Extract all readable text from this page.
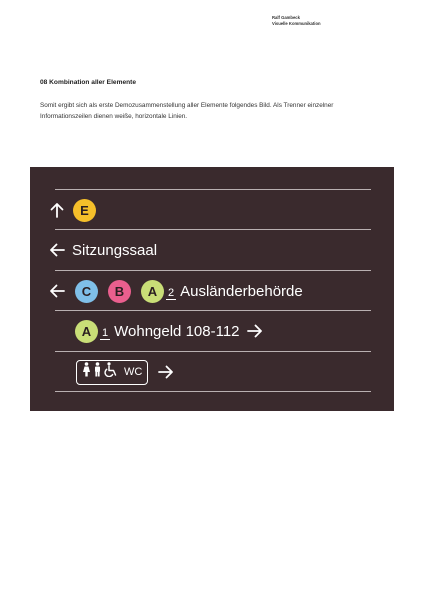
Ralf Gambeck
Visuelle Kommunikation
08 Kombination aller Elemente
Somit ergibt sich als erste Demozusammenstellung aller Elemente folgendes Bild. Als Trenner einzelner
Informationszeilen dienen weiße, horizontale Linien.
E
Sitzungssaal
C	B	A 2 Ausländerbehörde
A 1 Wohngeld 108-112
WC
